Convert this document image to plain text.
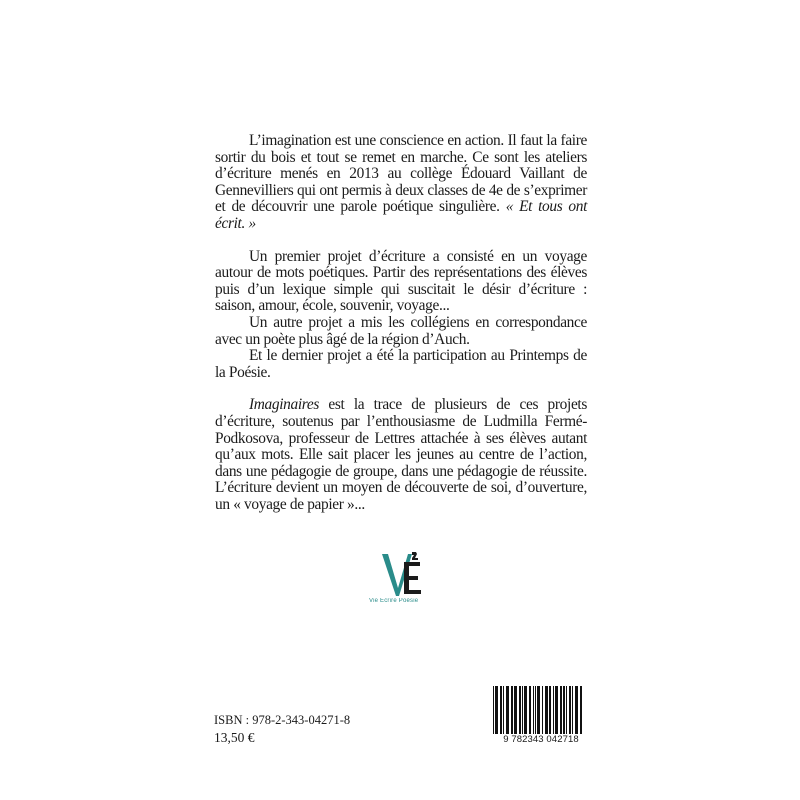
L’imagination est une conscience en action. Il faut la faire sortir du bois et tout se remet en marche. Ce sont les ateliers d’écriture menés en 2013 au collège Édouard Vaillant de Gennevilliers qui ont permis à deux classes de 4e de s’exprimer et de découvrir une parole poétique singulière. « Et tous ont écrit. »

Un premier projet d’écriture a consisté en un voyage autour de mots poétiques. Partir des représentations des élèves puis d’un lexique simple qui suscitait le désir d’écriture : saison, amour, école, souvenir, voyage...

Un autre projet a mis les collégiens en correspondance avec un poète plus âgé de la région d’Auch.

Et le dernier projet a été la participation au Printemps de la Poésie.

Imaginaires est la trace de plusieurs de ces projets d’écriture, soutenus par l’enthousiasme de Ludmilla Fermé-Podkosova, professeur de Lettres attachée à ses élèves autant qu’aux mots. Elle sait placer les jeunes au centre de l’action, dans une pédagogie de groupe, dans une pédagogie de réussite. L’écriture devient un moyen de découverte de soi, d’ouverture, un « voyage de papier »...

Vie Écrire Poésie
ISBN : 978-2-343-04271-8
13,50 €	9 782343 042718
